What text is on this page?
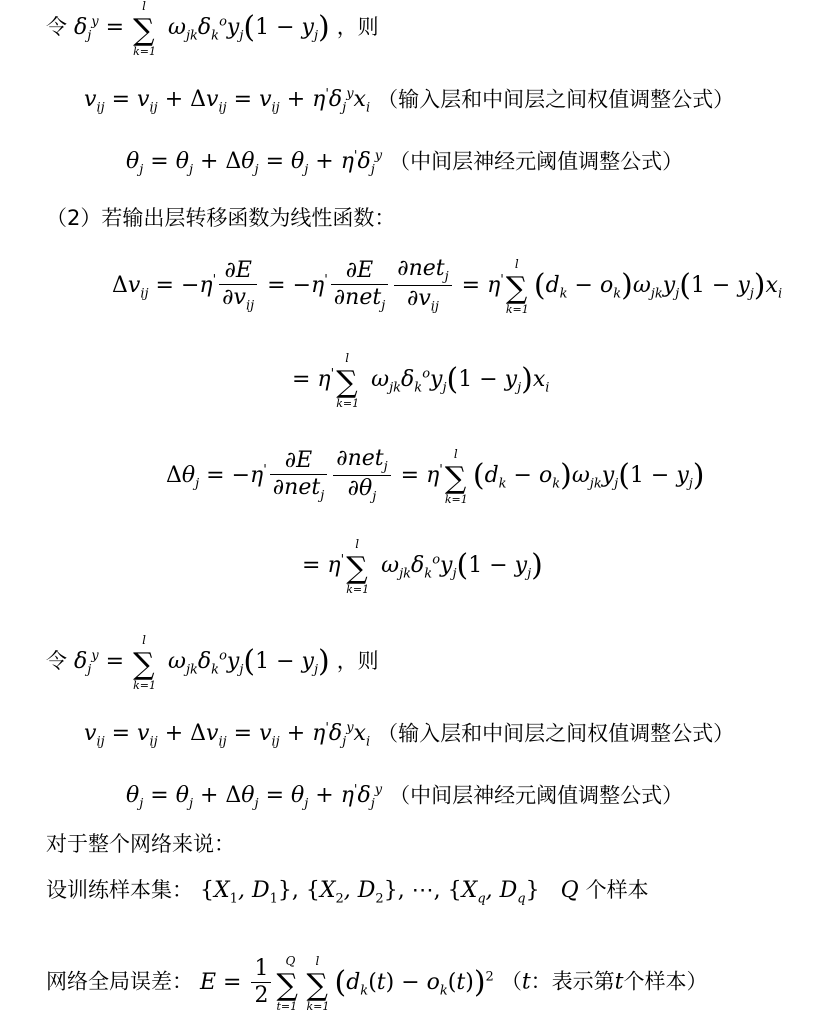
令 $\delta_j^y$ =
l
∑
k=1
$\omega_{jk}\delta_k^oy_j(1 - y_j)$ ，则
$v_{ij} = v_{ij} + \Delta v_{ij} = v_{ij} + \eta'\delta_j^yx_i$ （输入层和中间层之间权值调整公式）
$\theta_j = \theta_j + \Delta\theta_j = \theta_j + \eta'\delta_j^y$ （中间层神经元阈值调整公式）
（2）若输出层转移函数为线性函数：
$\Delta v_{ij} = -\eta' \frac{\partial E}{\partial v_{ij}} = -\eta' \frac{\partial E}{\partial net_j} \frac{\partial net_j}{\partial v_{ij}} = \eta'$
l
∑
k=1
$(d_k - o_k)\omega_{jk}y_j(1 - y_j)x_i$
= η'
l
∑
k=1
$\omega_{jk}\delta_k^oy_j(1 - y_j)x_i$
$\Delta\theta_j = -\eta' \frac{\partial E}{\partial net_j} \frac{\partial net_j}{\partial\theta_j} = \eta'$
l
∑
k=1
$(d_k - o_k)\omega_{jk}y_j(1 - y_j)$
= η'
l
∑
k=1
$\omega_{jk}\delta_k^oy_j(1 - y_j)$
令 $\delta_j^y$ =
l
∑
k=1
$\omega_{jk}\delta_k^oy_j(1 - y_j)$ ，则
$v_{ij} = v_{ij} + \Delta v_{ij} = v_{ij} + \eta'\delta_j^yx_i$ （输入层和中间层之间权值调整公式）
$\theta_j = \theta_j + \Delta\theta_j = \theta_j + \eta'\delta_j^y$ （中间层神经元阈值调整公式）
对于整个网络来说：
设训练样本集： {$X_1$, $D_1$}, {$X_2$, $D_2$}, ⋯, {$X_q$, $D_q$}   Q 个样本
网络全局误差： $E = \frac{1}{2}$ Q
∑
t=1
l
∑
k=1
$(d_k(t) - o_k(t))^2$ （t：表示第t个样本）
